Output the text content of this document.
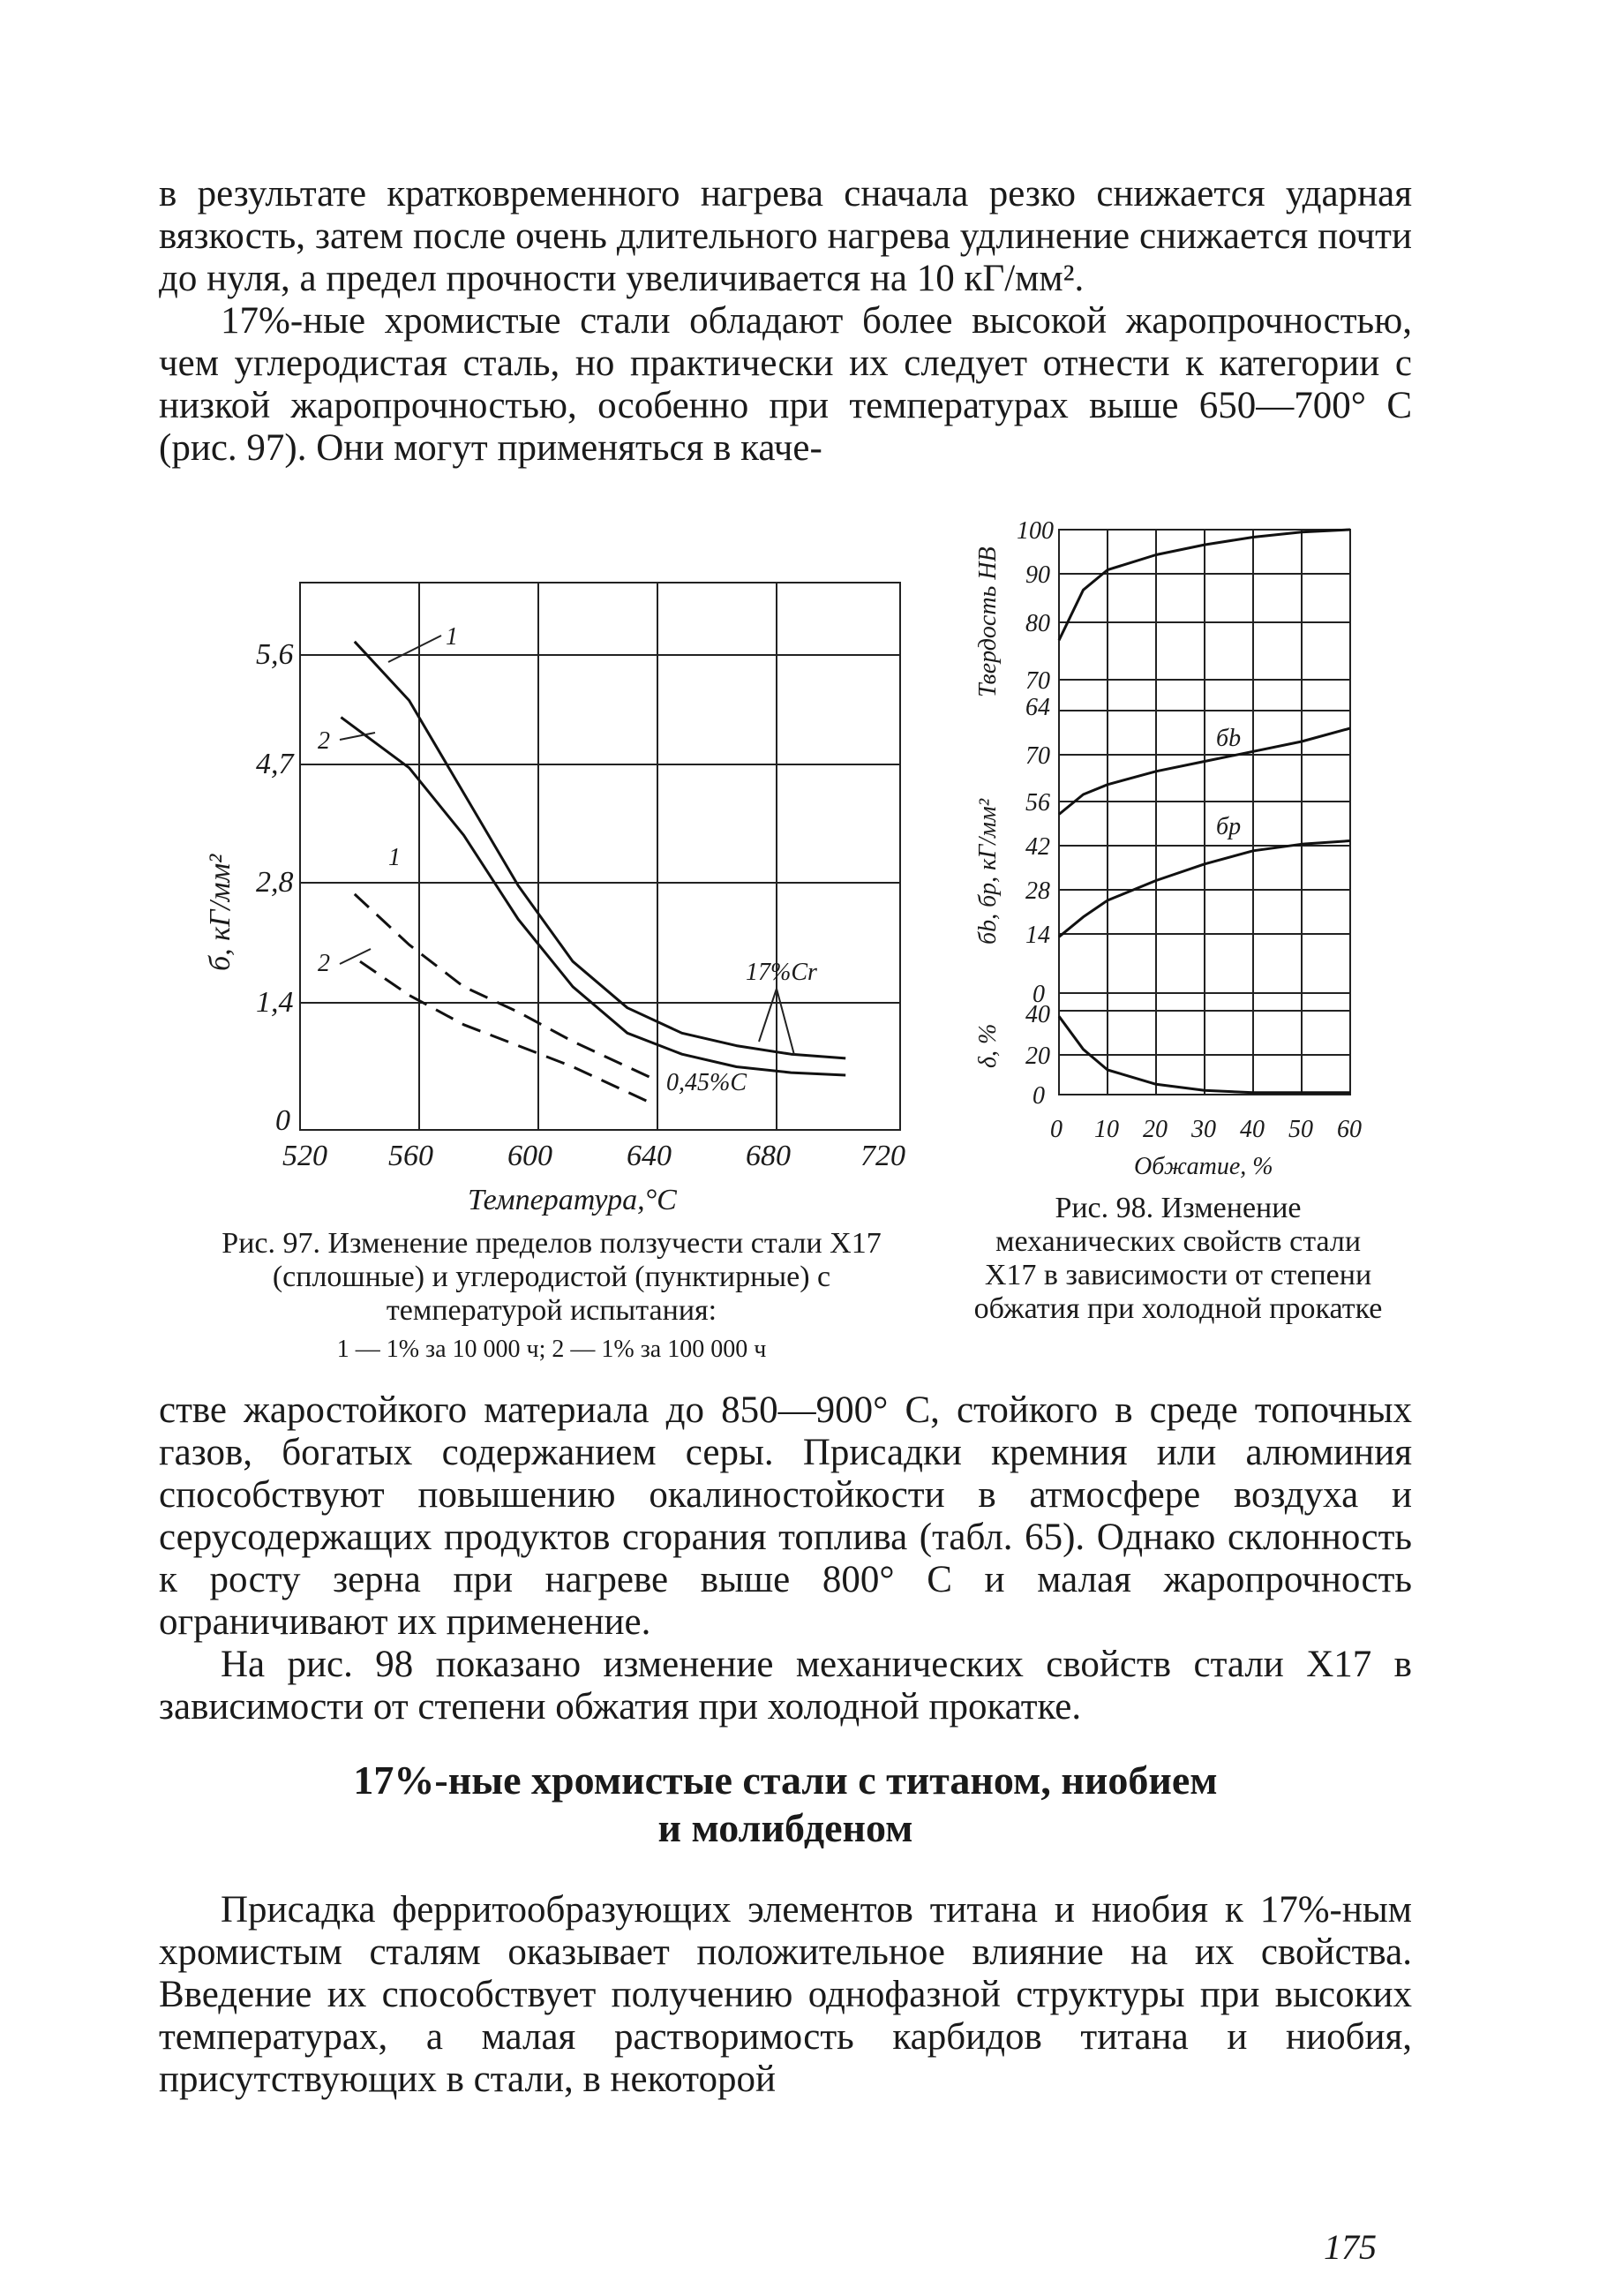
в результате кратковременного нагрева сначала резко снижается ударная вязкость, затем после очень длительного нагрева удлинение снижается почти до нуля, а предел прочности увеличивается на 10 кГ/мм².

17%-ные хромистые стали обладают более высокой жаропрочностью, чем углеродистая сталь, но практически их следует отнести к категории с низкой жаропрочностью, особенно при температурах выше 650—700° С (рис. 97). Они могут применяться в каче-

5,6
4,7
2,8
1,4
0
520 560 600 640 680 720
Температура,°С
б, кГ/мм²
1
2
1
2	17%Cr
0,45%С
Рис. 97. Изменение пределов ползучести стали Х17 (сплошные) и углеродистой (пунктирные) с температурой испытания:
1 — 1% за 10 000 ч; 2 — 1% за 100 000 ч
100
90
80
70
64
70
56
42
28
14
0
40
20
0
0 10 20 30 40 50 60
Обжатие, %
Твердость НВ
бb, бр, кГ/мм²
δ, %
бb
бр
Рис. 98. Изменение механических свойств стали Х17 в зависимости от степени обжатия при холодной прокатке

стве жаростойкого материала до 850—900° С, стойкого в среде топочных газов, богатых содержанием серы. Присадки кремния или алюминия способствуют повышению окалиностойкости в атмосфере воздуха и серусодержащих продуктов сгорания топлива (табл. 65). Однако склонность к росту зерна при нагреве выше 800° С и малая жаропрочность ограничивают их применение.

На рис. 98 показано изменение механических свойств стали Х17 в зависимости от степени обжатия при холодной прокатке.

17%-ные хромистые стали с титаном, ниобием
и молибденом

Присадка ферритообразующих элементов титана и ниобия к 17%-ным хромистым сталям оказывает положительное влияние на их свойства. Введение их способствует получению однофазной структуры при высоких температурах, а малая растворимость карбидов титана и ниобия, присутствующих в стали, в некоторой

175
